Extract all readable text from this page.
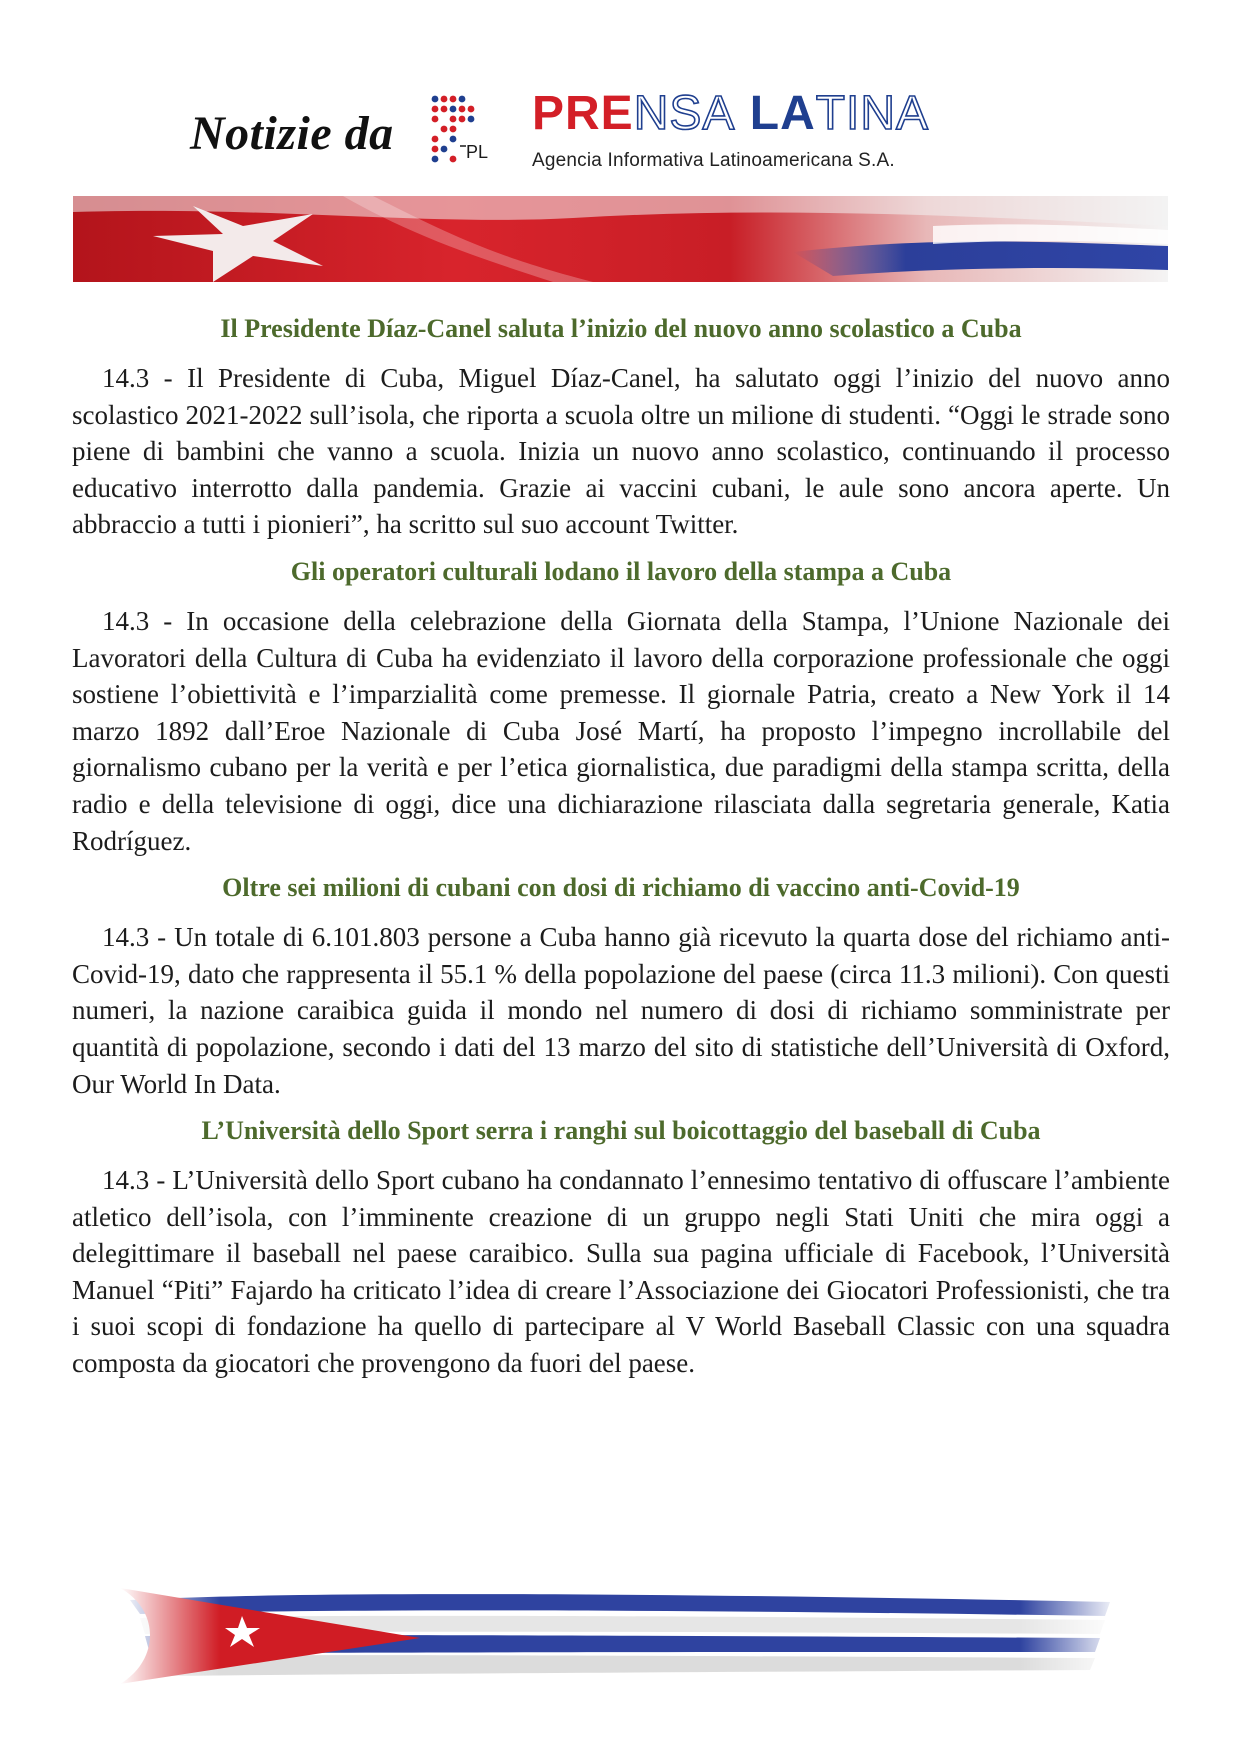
Notizie da	PL
PRENSA LATINA
Agencia Informativa Latinoamericana S.A.
Il Presidente Díaz-Canel saluta l’inizio del nuovo anno scolastico a Cuba

14.3 - Il Presidente di Cuba, Miguel Díaz-Canel, ha salutato oggi l’inizio del nuovo anno scolastico 2021-2022 sull’isola, che riporta a scuola oltre un milione di studenti. “Oggi le strade sono piene di bambini che vanno a scuola. Inizia un nuovo anno scolastico, continuando il processo educativo interrotto dalla pandemia. Grazie ai vaccini cubani, le aule sono ancora aperte. Un abbraccio a tutti i pionieri”, ha scritto sul suo account Twitter.

Gli operatori culturali lodano il lavoro della stampa a Cuba

14.3 - In occasione della celebrazione della Giornata della Stampa, l’Unione Nazionale dei Lavoratori della Cultura di Cuba ha evidenziato il lavoro della corporazione professionale che oggi sostiene l’obiettività e l’imparzialità come premesse. Il giornale Patria, creato a New York il 14 marzo 1892 dall’Eroe Nazionale di Cuba José Martí, ha proposto l’impegno incrollabile del giornalismo cubano per la verità e per l’etica giornalistica, due paradigmi della stampa scritta, della radio e della televisione di oggi, dice una dichiarazione rilasciata dalla segretaria generale, Katia Rodríguez.

Oltre sei milioni di cubani con dosi di richiamo di vaccino anti-Covid-19

14.3 - Un totale di 6.101.803 persone a Cuba hanno già ricevuto la quarta dose del richiamo anti-Covid-19, dato che rappresenta il 55.1 % della popolazione del paese (circa 11.3 milioni). Con questi numeri, la nazione caraibica guida il mondo nel numero di dosi di richiamo somministrate per quantità di popolazione, secondo i dati del 13 marzo del sito di statistiche dell’Università di Oxford, Our World In Data.

L’Università dello Sport serra i ranghi sul boicottaggio del baseball di Cuba

14.3 - L’Università dello Sport cubano ha condannato l’ennesimo tentativo di offuscare l’ambiente atletico dell’isola, con l’imminente creazione di un gruppo negli Stati Uniti che mira oggi a delegittimare il baseball nel paese caraibico. Sulla sua pagina ufficiale di Facebook, l’Università Manuel “Piti” Fajardo ha criticato l’idea di creare l’Associazione dei Giocatori Professionisti, che tra i suoi scopi di fondazione ha quello di partecipare al V World Baseball Classic con una squadra composta da giocatori che provengono da fuori del paese.
